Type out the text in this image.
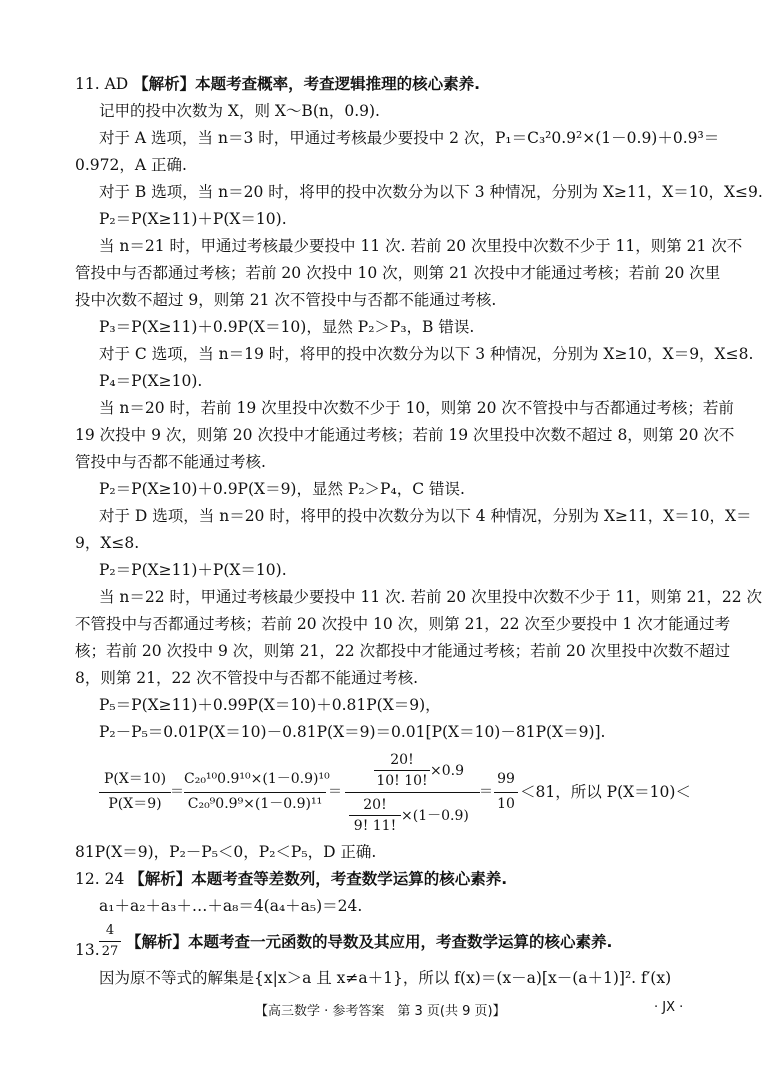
11. AD 【解析】本题考查概率，考查逻辑推理的核心素养.
记甲的投中次数为 X，则 X～B(n，0.9).
对于 A 选项，当 n＝3 时，甲通过考核最少要投中 2 次，P₁＝C₃²0.9²×(1－0.9)＋0.9³＝
0.972，A 正确.
对于 B 选项，当 n＝20 时，将甲的投中次数分为以下 3 种情况，分别为 X≥11，X＝10，X≤9.
P₂＝P(X≥11)＋P(X＝10).
当 n＝21 时，甲通过考核最少要投中 11 次. 若前 20 次里投中次数不少于 11，则第 21 次不
管投中与否都通过考核；若前 20 次投中 10 次，则第 21 次投中才能通过考核；若前 20 次里
投中次数不超过 9，则第 21 次不管投中与否都不能通过考核.
P₃＝P(X≥11)＋0.9P(X＝10)，显然 P₂＞P₃，B 错误.
对于 C 选项，当 n＝19 时，将甲的投中次数分为以下 3 种情况，分别为 X≥10，X＝9，X≤8.
P₄＝P(X≥10).
当 n＝20 时，若前 19 次里投中次数不少于 10，则第 20 次不管投中与否都通过考核；若前
19 次投中 9 次，则第 20 次投中才能通过考核；若前 19 次里投中次数不超过 8，则第 20 次不
管投中与否都不能通过考核.
P₂＝P(X≥10)＋0.9P(X＝9)，显然 P₂＞P₄，C 错误.
对于 D 选项，当 n＝20 时，将甲的投中次数分为以下 4 种情况，分别为 X≥11，X＝10，X＝
9，X≤8.
P₂＝P(X≥11)＋P(X＝10).
当 n＝22 时，甲通过考核最少要投中 11 次. 若前 20 次里投中次数不少于 11，则第 21，22 次
不管投中与否都通过考核；若前 20 次投中 10 次，则第 21，22 次至少要投中 1 次才能通过考
核；若前 20 次投中 9 次，则第 21，22 次都投中才能通过考核；若前 20 次里投中次数不超过
8，则第 21，22 次不管投中与否都不能通过考核.
P₅＝P(X≥11)＋0.99P(X＝10)＋0.81P(X＝9)，
P₂－P₅＝0.01P(X＝10)－0.81P(X＝9)＝0.01[P(X＝10)－81P(X＝9)].
P(X＝10)
P(X＝9)
＝
C₂₀¹⁰0.9¹⁰×(1－0.9)¹⁰
C₂₀⁹0.9⁹×(1－0.9)¹¹
＝
20!
10! 10!
×0.9
20!
9! 11!
×(1－0.9)
＝
99
10
＜81，所以 P(X＝10)＜
81P(X＝9)，P₂－P₅＜0，P₂＜P₅，D 正确.
12. 24 【解析】本题考查等差数列，考查数学运算的核心素养.
a₁＋a₂＋a₃＋…＋a₈＝4(a₄＋a₅)＝24.
13.
4
27
【解析】本题考查一元函数的导数及其应用，考查数学运算的核心素养.
因为原不等式的解集是{x|x＞a 且 x≠a＋1}，所以 f(x)＝(x－a)[x－(a＋1)]². f′(x)
【高三数学 · 参考答案　第 3 页(共 9 页)】	· JX ·
